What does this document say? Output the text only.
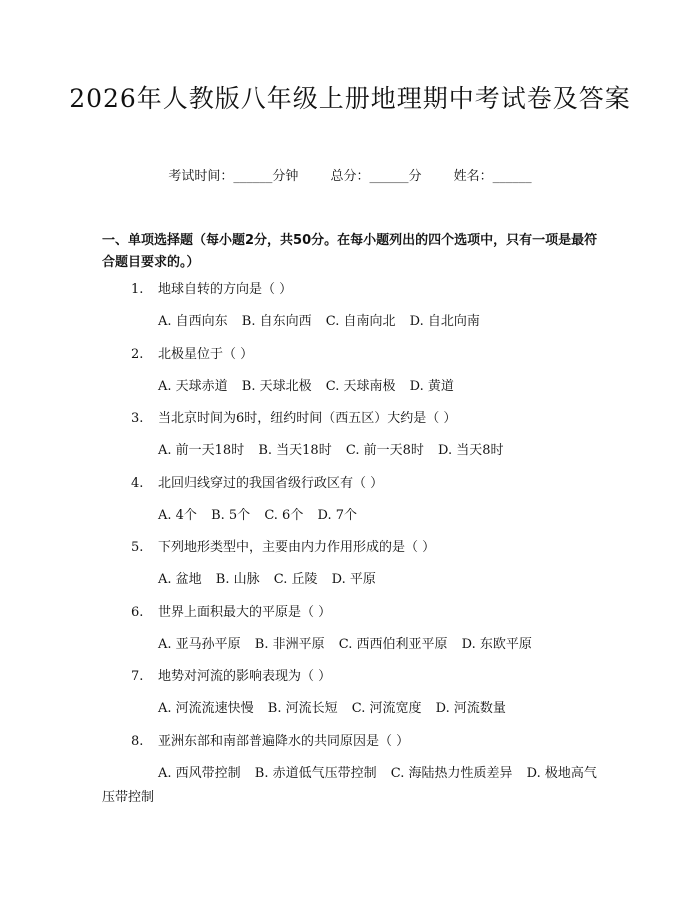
2026年人教版八年级上册地理期中考试卷及答案
考试时间：______分钟 总分：______分 姓名：______
一、单项选择题（每小题2分，共50分。在每小题列出的四个选项中，只有一项是最符合题目要求的。）
1. 地球自转的方向是（ ）
A. 自西向东 B. 自东向西 C. 自南向北 D. 自北向南
2. 北极星位于（ ）
A. 天球赤道 B. 天球北极 C. 天球南极 D. 黄道
3. 当北京时间为6时，纽约时间（西五区）大约是（ ）
A. 前一天18时 B. 当天18时 C. 前一天8时 D. 当天8时
4. 北回归线穿过的我国省级行政区有（ ）
A. 4个 B. 5个 C. 6个 D. 7个
5. 下列地形类型中，主要由内力作用形成的是（ ）
A. 盆地 B. 山脉 C. 丘陵 D. 平原
6. 世界上面积最大的平原是（ ）
A. 亚马孙平原 B. 非洲平原 C. 西西伯利亚平原 D. 东欧平原
7. 地势对河流的影响表现为（ ）
A. 河流流速快慢 B. 河流长短 C. 河流宽度 D. 河流数量
8. 亚洲东部和南部普遍降水的共同原因是（ ）
A. 西风带控制 B. 赤道低气压带控制 C. 海陆热力性质差异 D. 极地高气压带控制
